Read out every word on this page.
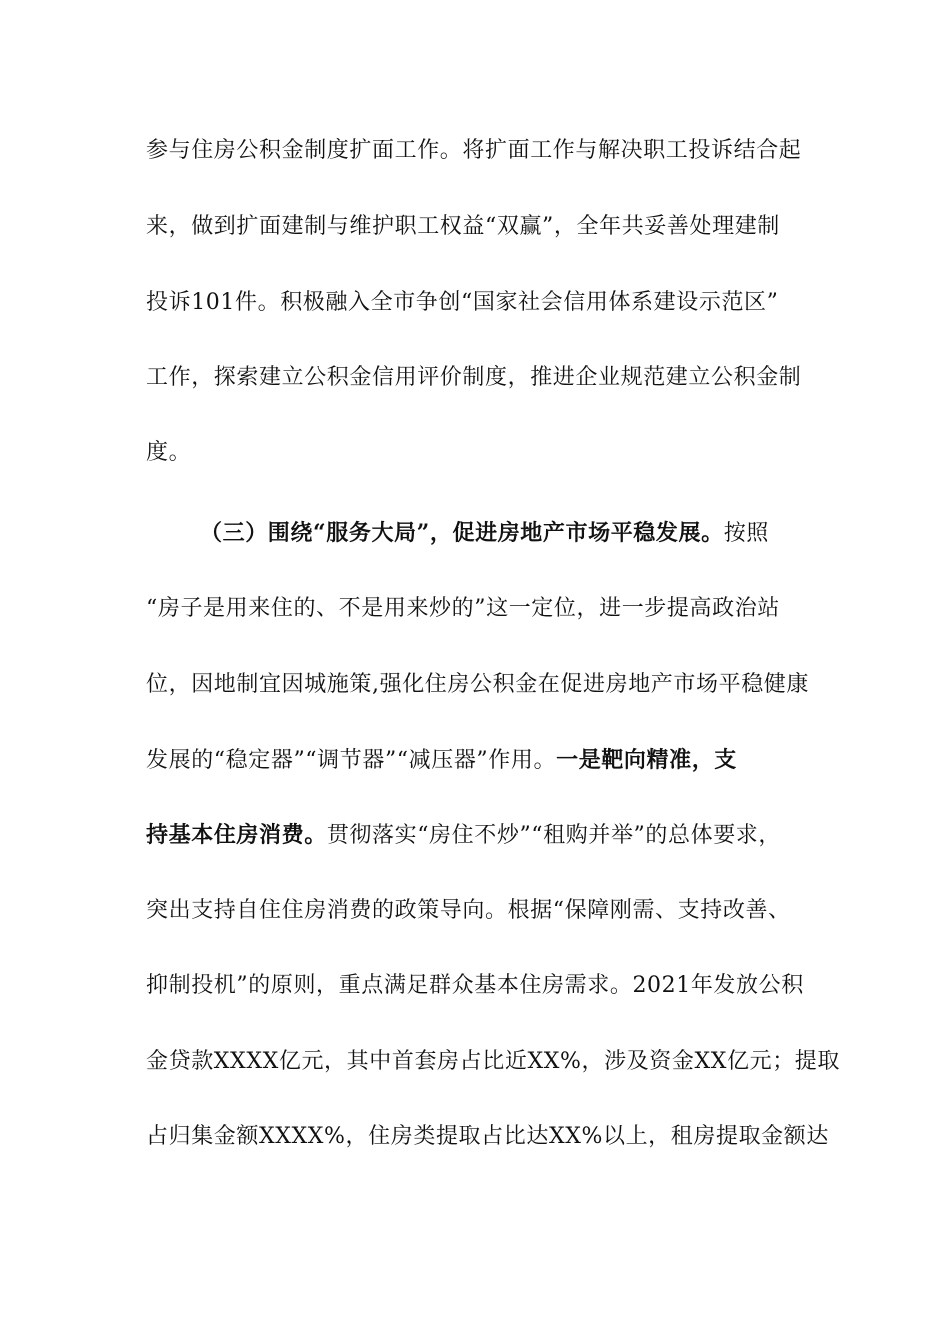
参与住房公积金制度扩面工作。将扩面工作与解决职工投诉结合起
来，做到扩面建制与维护职工权益“双赢”，全年共妥善处理建制
投诉101件。积极融入全市争创“国家社会信用体系建设示范区”
工作，探索建立公积金信用评价制度，推进企业规范建立公积金制
度。
（三）围绕“服务大局”，促进房地产市场平稳发展。按照
“房子是用来住的、不是用来炒的”这一定位，进一步提高政治站
位，因地制宜因城施策,强化住房公积金在促进房地产市场平稳健康
发展的“稳定器”“调节器”“减压器”作用。一是靶向精准，支
持基本住房消费。贯彻落实“房住不炒”“租购并举”的总体要求，
突出支持自住住房消费的政策导向。根据“保障刚需、支持改善、
抑制投机”的原则，重点满足群众基本住房需求。2021年发放公积
金贷款XXXX亿元，其中首套房占比近XX%，涉及资金XX亿元；提取
占归集金额XXXX%，住房类提取占比达XX%以上，租房提取金额达
